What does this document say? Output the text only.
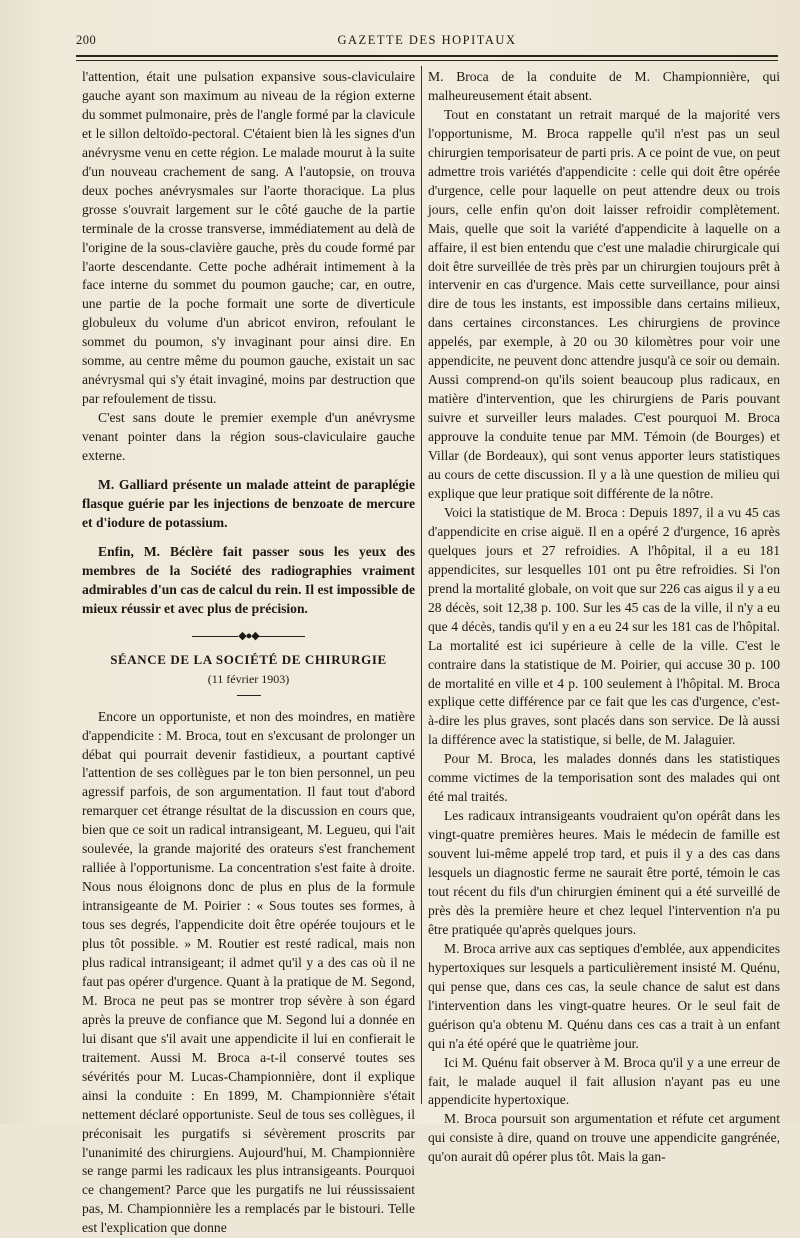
200	GAZETTE DES HOPITAUX

l'attention, était une pulsation expansive sous-claviculaire gauche ayant son maximum au niveau de la région externe du sommet pulmonaire, près de l'angle formé par la clavicule et le sillon deltoïdo-pectoral. C'étaient bien là les signes d'un anévrysme venu en cette région. Le malade mourut à la suite d'un nouveau crachement de sang. A l'autopsie, on trouva deux poches anévrysmales sur l'aorte thoracique. La plus grosse s'ouvrait largement sur le côté gauche de la partie terminale de la crosse transverse, immédiatement au delà de l'origine de la sous-clavière gauche, près du coude formé par l'aorte descendante. Cette poche adhérait intimement à la face interne du sommet du poumon gauche; car, en outre, une partie de la poche formait une sorte de diverticule globuleux du volume d'un abricot environ, refoulant le sommet du poumon, s'y invaginant pour ainsi dire. En somme, au centre même du poumon gauche, existait un sac anévrysmal qui s'y était invaginé, moins par destruction que par refoulement de tissu.

C'est sans doute le premier exemple d'un anévrysme venant pointer dans la région sous-claviculaire gauche externe.

M. Galliard présente un malade atteint de paraplégie flasque guérie par les injections de benzoate de mercure et d'iodure de potassium.

Enfin, M. Béclère fait passer sous les yeux des membres de la Société des radiographies vraiment admirables d'un cas de calcul du rein. Il est impossible de mieux réussir et avec plus de précision.

◆●◆

SÉANCE DE LA SOCIÉTÉ DE CHIRURGIE

(11 février 1903)

Encore un opportuniste, et non des moindres, en matière d'appendicite : M. Broca, tout en s'excusant de prolonger un débat qui pourrait devenir fastidieux, a pourtant captivé l'attention de ses collègues par le ton bien personnel, un peu agressif parfois, de son argumentation. Il faut tout d'abord remarquer cet étrange résultat de la discussion en cours que, bien que ce soit un radical intransigeant, M. Legueu, qui l'ait soulevée, la grande majorité des orateurs s'est franchement ralliée à l'opportunisme. La concentration s'est faite à droite. Nous nous éloignons donc de plus en plus de la formule intransigeante de M. Poirier : « Sous toutes ses formes, à tous ses degrés, l'appendicite doit être opérée toujours et le plus tôt possible. » M. Routier est resté radical, mais non plus radical intransigeant; il admet qu'il y a des cas où il ne faut pas opérer d'urgence. Quant à la pratique de M. Segond, M. Broca ne peut pas se montrer trop sévère à son égard après la preuve de confiance que M. Segond lui a donnée en lui disant que s'il avait une appendicite il lui en confierait le traitement. Aussi M. Broca a-t-il conservé toutes ses sévérités pour M. Lucas-Championnière, dont il explique ainsi la conduite : En 1899, M. Championnière s'était nettement déclaré opportuniste. Seul de tous ses collègues, il préconisait les purgatifs si sévèrement proscrits par l'unanimité des chirurgiens. Aujourd'hui, M. Championnière se range parmi les radicaux les plus intransigeants. Pourquoi ce changement? Parce que les purgatifs ne lui réussissaient pas, M. Championnière les a remplacés par le bistouri. Telle est l'explication que donne

M. Broca de la conduite de M. Championnière, qui malheureusement était absent.

Tout en constatant un retrait marqué de la majorité vers l'opportunisme, M. Broca rappelle qu'il n'est pas un seul chirurgien temporisateur de parti pris. A ce point de vue, on peut admettre trois variétés d'appendicite : celle qui doit être opérée d'urgence, celle pour laquelle on peut attendre deux ou trois jours, celle enfin qu'on doit laisser refroidir complètement. Mais, quelle que soit la variété d'appendicite à laquelle on a affaire, il est bien entendu que c'est une maladie chirurgicale qui doit être surveillée de très près par un chirurgien toujours prêt à intervenir en cas d'urgence. Mais cette surveillance, pour ainsi dire de tous les instants, est impossible dans certains milieux, dans certaines circonstances. Les chirurgiens de province appelés, par exemple, à 20 ou 30 kilomètres pour voir une appendicite, ne peuvent donc attendre jusqu'à ce soir ou demain. Aussi comprend-on qu'ils soient beaucoup plus radicaux, en matière d'intervention, que les chirurgiens de Paris pouvant suivre et surveiller leurs malades. C'est pourquoi M. Broca approuve la conduite tenue par MM. Témoin (de Bourges) et Villar (de Bordeaux), qui sont venus apporter leurs statistiques au cours de cette discussion. Il y a là une question de milieu qui explique que leur pratique soit différente de la nôtre.

Voici la statistique de M. Broca : Depuis 1897, il a vu 45 cas d'appendicite en crise aiguë. Il en a opéré 2 d'urgence, 16 après quelques jours et 27 refroidies. A l'hôpital, il a eu 181 appendicites, sur lesquelles 101 ont pu être refroidies. Si l'on prend la mortalité globale, on voit que sur 226 cas aigus il y a eu 28 décès, soit 12,38 p. 100. Sur les 45 cas de la ville, il n'y a eu que 4 décès, tandis qu'il y en a eu 24 sur les 181 cas de l'hôpital. La mortalité est ici supérieure à celle de la ville. C'est le contraire dans la statistique de M. Poirier, qui accuse 30 p. 100 de mortalité en ville et 4 p. 100 seulement à l'hôpital. M. Broca explique cette différence par ce fait que les cas d'urgence, c'est-à-dire les plus graves, sont placés dans son service. De là aussi la différence avec la statistique, si belle, de M. Jalaguier.

Pour M. Broca, les malades donnés dans les statistiques comme victimes de la temporisation sont des malades qui ont été mal traités.

Les radicaux intransigeants voudraient qu'on opérât dans les vingt-quatre premières heures. Mais le médecin de famille est souvent lui-même appelé trop tard, et puis il y a des cas dans lesquels un diagnostic ferme ne saurait être porté, témoin le cas tout récent du fils d'un chirurgien éminent qui a été surveillé de près dès la première heure et chez lequel l'intervention n'a pu être pratiquée qu'après quelques jours.

M. Broca arrive aux cas septiques d'emblée, aux appendicites hypertoxiques sur lesquels a particulièrement insisté M. Quénu, qui pense que, dans ces cas, la seule chance de salut est dans l'intervention dans les vingt-quatre heures. Or le seul fait de guérison qu'a obtenu M. Quénu dans ces cas a trait à un enfant qui n'a été opéré que le quatrième jour.

Ici M. Quénu fait observer à M. Broca qu'il y a une erreur de fait, le malade auquel il fait allusion n'ayant pas eu une appendicite hypertoxique.

M. Broca poursuit son argumentation et réfute cet argument qui consiste à dire, quand on trouve une appendicite gangrénée, qu'on aurait dû opérer plus tôt. Mais la gan-
